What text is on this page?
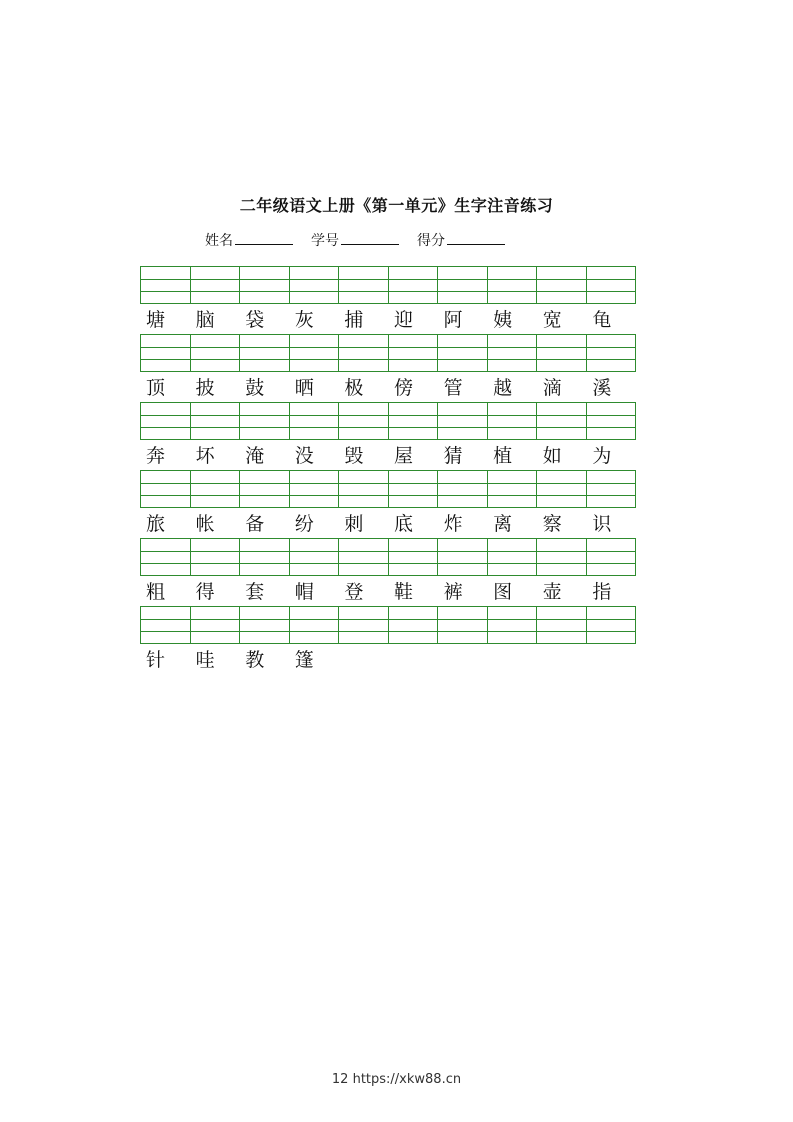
二年级语文上册《第一单元》生字注音练习
姓名	学号	得分
塘	脑	袋	灰	捕	迎	阿	姨	宽	龟
顶	披	鼓	晒	极	傍	管	越	滴	溪
奔	坏	淹	没	毁	屋	猜	植	如	为
旅	帐	备	纷	刺	底	炸	离	察	识
粗	得	套	帽	登	鞋	裤	图	壶	指
针	哇	教	篷
12 https://xkw88.cn
